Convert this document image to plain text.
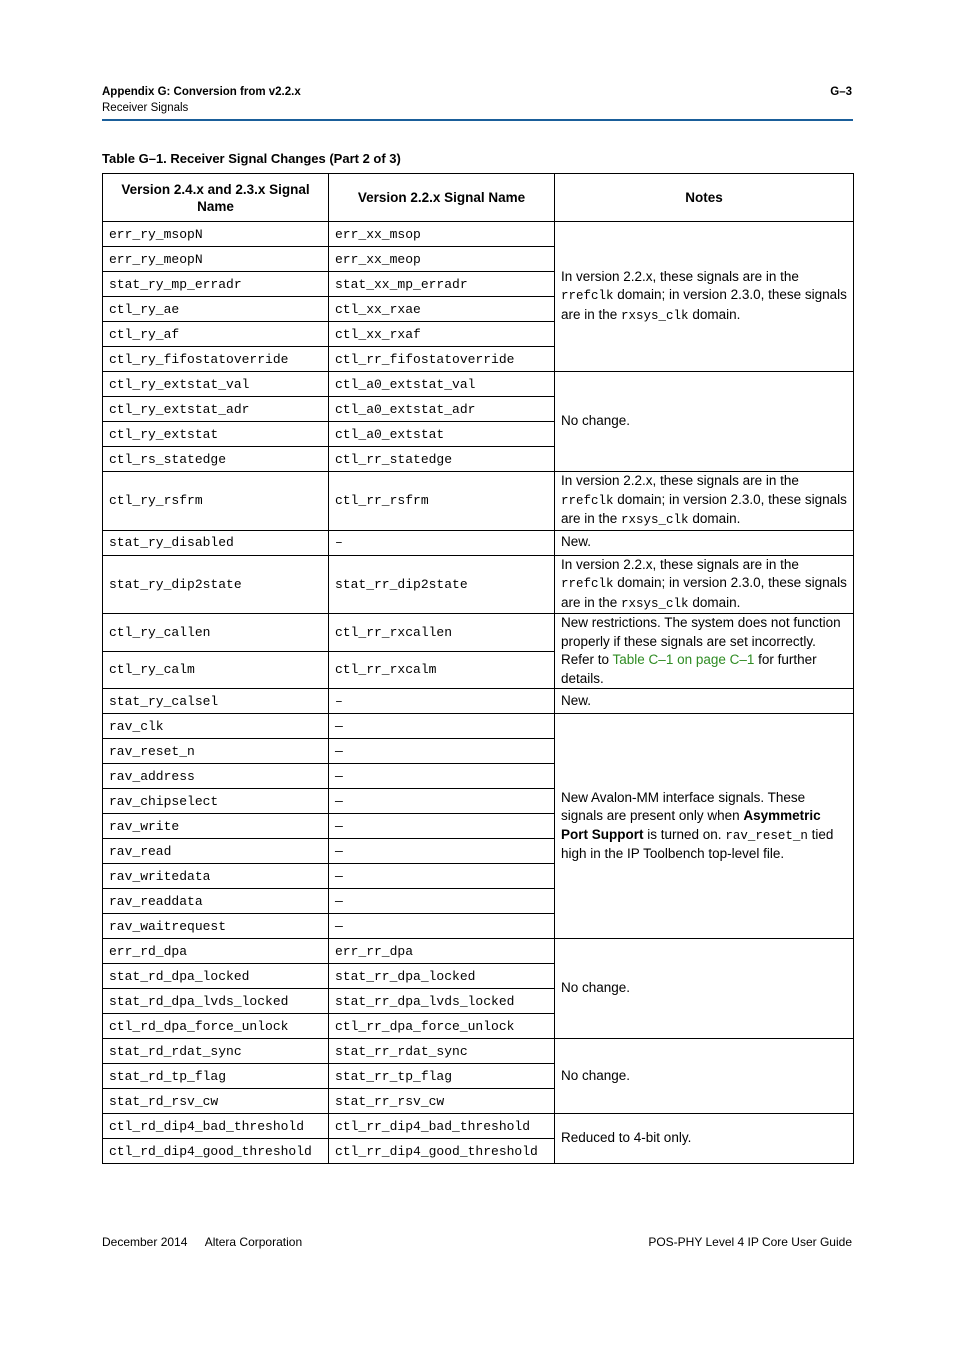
Appendix G: Conversion from v2.2.x
Receiver Signals
G–3
Table G–1. Receiver Signal Changes (Part 2 of 3)
Version 2.4.x and 2.3.x Signal Name	Version 2.2.x Signal Name	Notes
err_ry_msopN	err_xx_msop	In version 2.2.x, these signals are in the rrefclk domain; in version 2.3.0, these signals are in the rxsys_clk domain.
err_ry_meopN	err_xx_meop	
stat_ry_mp_erradr	stat_xx_mp_erradr	
ctl_ry_ae	ctl_xx_rxae	
ctl_ry_af	ctl_xx_rxaf	
ctl_ry_fifostatoverride	ctl_rr_fifostatoverride	
ctl_ry_extstat_val	ctl_a0_extstat_val	No change.
ctl_ry_extstat_adr	ctl_a0_extstat_adr	
ctl_ry_extstat	ctl_a0_extstat	
ctl_rs_statedge	ctl_rr_statedge	
ctl_ry_rsfrm	ctl_rr_rsfrm	In version 2.2.x, these signals are in the rrefclk domain; in version 2.3.0, these signals are in the rxsys_clk domain.
stat_ry_disabled	–	New.
stat_ry_dip2state	stat_rr_dip2state	In version 2.2.x, these signals are in the rrefclk domain; in version 2.3.0, these signals are in the rxsys_clk domain.
ctl_ry_callen	ctl_rr_rxcallen	New restrictions. The system does not function properly if these signals are set incorrectly. Refer to Table C–1 on page C–1 for further details.
ctl_ry_calm	ctl_rr_rxcalm	
stat_ry_calsel	–	New.
rav_clk	—	New Avalon-MM interface signals. These signals are present only when Asymmetric Port Support is turned on. rav_reset_n tied high in the IP Toolbench top-level file.
rav_reset_n	—	
rav_address	—	
rav_chipselect	—	
rav_write	—	
rav_read	—	
rav_writedata	—	
rav_readdata	—	
rav_waitrequest	—	
err_rd_dpa	err_rr_dpa	No change.
stat_rd_dpa_locked	stat_rr_dpa_locked	
stat_rd_dpa_lvds_locked	stat_rr_dpa_lvds_locked	
ctl_rd_dpa_force_unlock	ctl_rr_dpa_force_unlock	
stat_rd_rdat_sync	stat_rr_rdat_sync	No change.
stat_rd_tp_flag	stat_rr_tp_flag	
stat_rd_rsv_cw	stat_rr_rsv_cw	
ctl_rd_dip4_bad_threshold	ctl_rr_dip4_bad_threshold	Reduced to 4-bit only.
ctl_rd_dip4_good_threshold	ctl_rr_dip4_good_threshold	
December 2014 Altera Corporation	POS-PHY Level 4 IP Core User Guide
